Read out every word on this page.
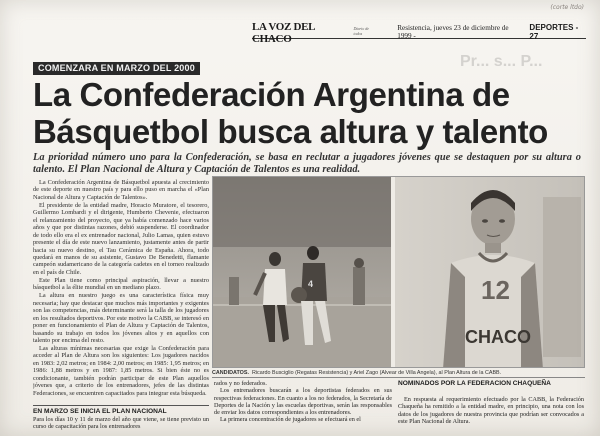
(corte ltdo)
LA VOZ DEL CHACO
Diario de todos
Resistencia, jueves 23 de diciembre de 1999 -
DEPORTES - 27
Pr... s... P...
COMENZARA EN MARZO DEL 2000
La Confederación Argentina de Básquetbol busca altura y talento
La prioridad número uno para la Confederación, se basa en reclutar a jugadores jóvenes que se destaquen por su altura o talento. El Plan Nacional de Altura y Captación de Talentos es una realidad.

La Confederación Argentina de Básquetbol apuesta al crecimiento de este deporte en nuestro país y para ello puso en marcha el «Plan Nacional de Altura y Captación de Talentos».

El presidente de la entidad madre, Horacio Muratore, el tesorero, Guillermo Lombardi y el dirigente, Humberto Chevenie, efectuaron el relanzamiento del proyecto, que ya había comenzado hace varios años y que por distintas razones, debió suspenderse. El coordinador de todo ello era el ex entrenador nacional, Julio Lamas, quien estuvo presente el día de este nuevo lanzamiento, justamente antes de partir hacia su nuevo destino, el Tau Cerámica de España. Ahora, todo quedará en manos de su asistente, Gustavo De Benedetti, flamante campeón sudamericano de la categoría cadetes en el torneo realizado en el país de Chile.

Este Plan tiene como principal aspiración, llevar a nuestro básquetbol a la élite mundial en un mediano plazo.

La altura en nuestro juego es una característica física muy necesaria; hay que destacar que muchos más importantes y exigentes son las competencias, más determinante será la talla de los jugadores en los resultados deportivos. Por este motivo la CABB, se interesó en poner en funcionamiento el Plan de Altura y Captación de Talentos, basando su trabajo en todos los jóvenes altos y en aquellos con talento por encima del resto.

Las alturas mínimas necesarias que exige la Confederación para acceder al Plan de Altura son los siguientes: Los jugadores nacidos en 1983: 2,02 metros; en 1984: 2,00 metros; en 1985: 1,95 metros; en 1986: 1,88 metros y en 1987: 1,85 metros. Si bien éste no es condicionante, también podrán participar de este Plan aquellos jóvenes que, a criterio de los entrenadores, jefes de las distintas Federaciones, se encuentren capacitados para integrar esta búsqueda.

4	12
CHACO
CANDIDATOS. Ricardo Busciglio (Regatas Resistencia) y Ariel Zago (Alvear de Villa Angela), al Plan Altura de la CABB.
EN MARZO SE INICIA EL PLAN NACIONAL
Para los días 10 y 11 de marzo del año que viene, se tiene previsto un curso de capacitación para los entrenadores

rados y no federados.

Los entrenadores buscarán a los deportistas federados en sus respectivas federaciones. En cuanto a los no federados, la Secretaría de Deportes de la Nación y las escuelas deportivas, serán las responsables de enviar los datos correspondientes a los entrenadores.

La primera concentración de jugadores se efectuará en el

NOMINADOS POR LA FEDERACION CHAQUEÑA

En respuesta al requerimiento efectuado por la CABB, la Federación Chaqueña ha remitido a la entidad madre, en principio, una nota con los datos de los jugadores de nuestra provincia que podrían ser convocados a este Plan Nacional de Altura.
